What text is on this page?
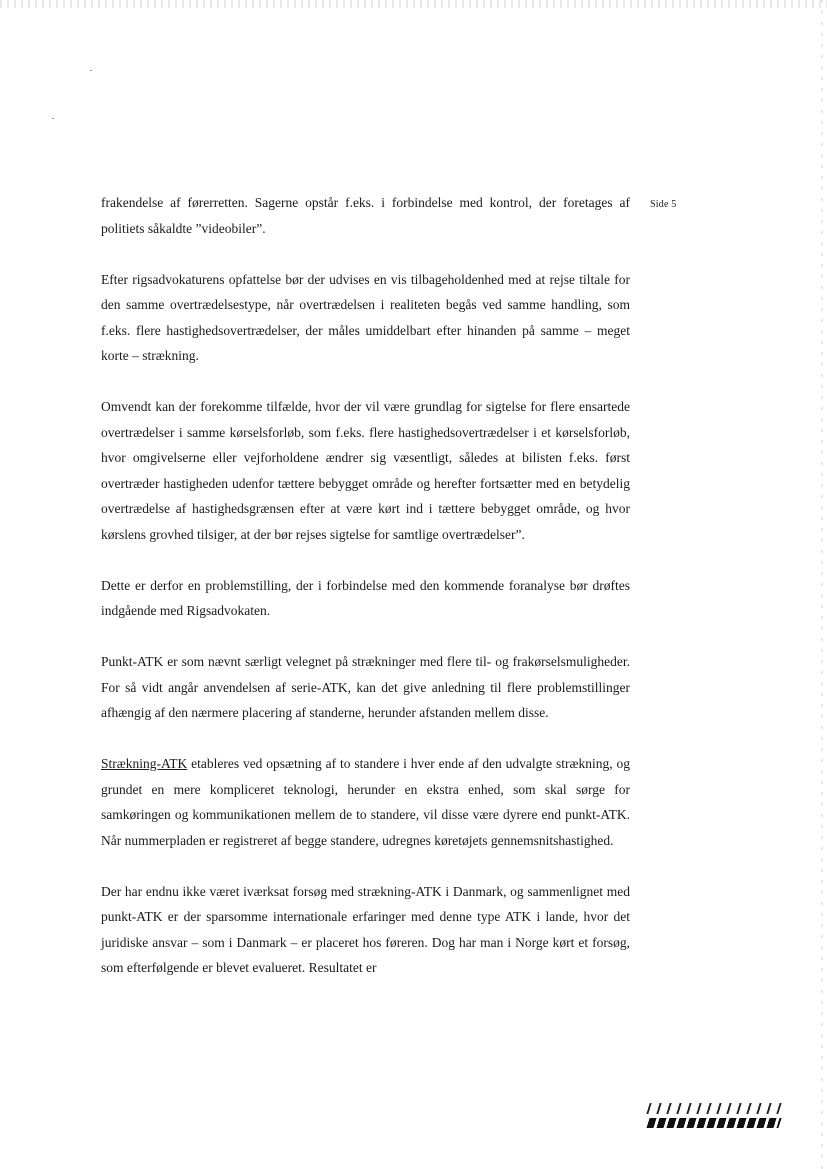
Side 5

frakendelse af førerretten. Sagerne opstår f.eks. i forbindelse med kontrol, der foretages af politiets såkaldte ”videobiler”.

Efter rigsadvokaturens opfattelse bør der udvises en vis tilbageholdenhed med at rejse tiltale for den samme overtrædelsestype, når overtrædelsen i realiteten begås ved samme handling, som f.eks. flere hastighedsovertrædelser, der måles umiddelbart efter hinanden på samme – meget korte – strækning.

Omvendt kan der forekomme tilfælde, hvor der vil være grundlag for sigtelse for flere ensartede overtrædelser i samme kørselsforløb, som f.eks. flere hastighedsovertrædelser i et kørselsforløb, hvor omgivelserne eller vejforholdene ændrer sig væsentligt, således at bilisten f.eks. først overtræder hastigheden udenfor tættere bebygget område og herefter fortsætter med en betydelig overtrædelse af hastighedsgrænsen efter at være kørt ind i tættere bebygget område, og hvor kørslens grovhed tilsiger, at der bør rejses sigtelse for samtlige overtrædelser”.

Dette er derfor en problemstilling, der i forbindelse med den kommende foranalyse bør drøftes indgående med Rigsadvokaten.

Punkt-ATK er som nævnt særligt velegnet på strækninger med flere til- og frakørselsmuligheder. For så vidt angår anvendelsen af serie-ATK, kan det give anledning til flere problemstillinger afhængig af den nærmere placering af standerne, herunder afstanden mellem disse.

Strækning-ATK etableres ved opsætning af to standere i hver ende af den udvalgte strækning, og grundet en mere kompliceret teknologi, herunder en ekstra enhed, som skal sørge for samkøringen og kommunikationen mellem de to standere, vil disse være dyrere end punkt-ATK. Når nummerpladen er registreret af begge standere, udregnes køretøjets gennemsnitshastighed.

Der har endnu ikke været iværksat forsøg med strækning-ATK i Danmark, og sammenlignet med punkt-ATK er der sparsomme internationale erfaringer med denne type ATK i lande, hvor det juridiske ansvar – som i Danmark – er placeret hos føreren. Dog har man i Norge kørt et forsøg, som efterfølgende er blevet evalueret. Resultatet er
